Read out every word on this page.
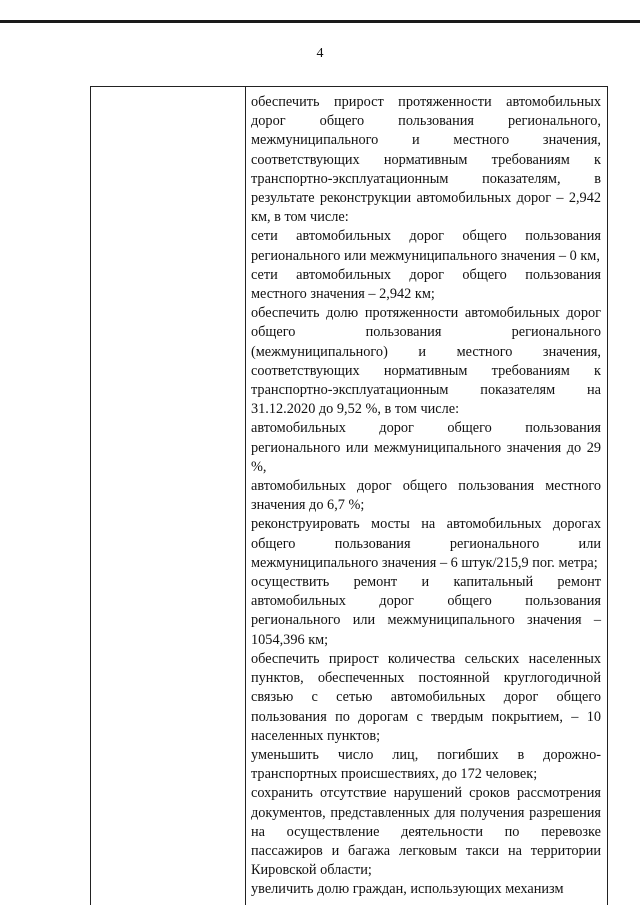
4

обеспечить прирост протяженности автомобильных дорог общего пользования регионального, межмуниципального и местного значения, соответствующих нормативным требованиям к транспортно-эксплуатационным показателям, в результате реконструкции автомобильных дорог – 2,942 км, в том числе:

сети автомобильных дорог общего пользования регионального или межмуниципального значения – 0 км,

сети автомобильных дорог общего пользования местного значения – 2,942 км;

обеспечить долю протяженности автомобильных дорог общего пользования регионального (межмуниципального) и местного значения, соответствующих нормативным требованиям к транспортно-эксплуатационным показателям на 31.12.2020 до 9,52 %, в том числе:

автомобильных дорог общего пользования регионального или межмуниципального значения до 29 %,

автомобильных дорог общего пользования местного значения до 6,7 %;

реконструировать мосты на автомобильных дорогах общего пользования регионального или межмуниципального значения – 6 штук/215,9 пог. метра;

осуществить ремонт и капитальный ремонт автомобильных дорог общего пользования регионального или межмуниципального значения – 1054,396 км;

обеспечить прирост количества сельских населенных пунктов, обеспеченных постоянной круглогодичной связью с сетью автомобильных дорог общего пользования по дорогам с твердым покрытием, – 10 населенных пунктов;

уменьшить число лиц, погибших в дорожно-транспортных происшествиях, до 172 человек;

сохранить отсутствие нарушений сроков рассмотрения документов, представленных для получения разрешения на осуществление деятельности по перевозке пассажиров и багажа легковым такси на территории Кировской области;

увеличить долю граждан, использующих механизм
